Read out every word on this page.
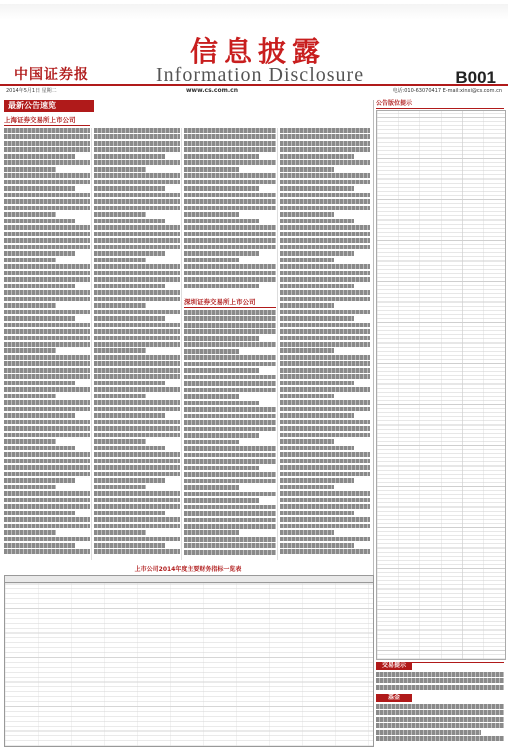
中国证券报
信息披露
Information Disclosure	B001
2014年5月1日 星期二	www.cs.com.cn	电话:010-63070417 E-mail:xinxi@cs.com.cn
最新公告速览
上海证券交易所上市公司
深圳证券交易所上市公司
上市公司2014年度主要财务指标一览表
公告版位提示
交易提示
基金
